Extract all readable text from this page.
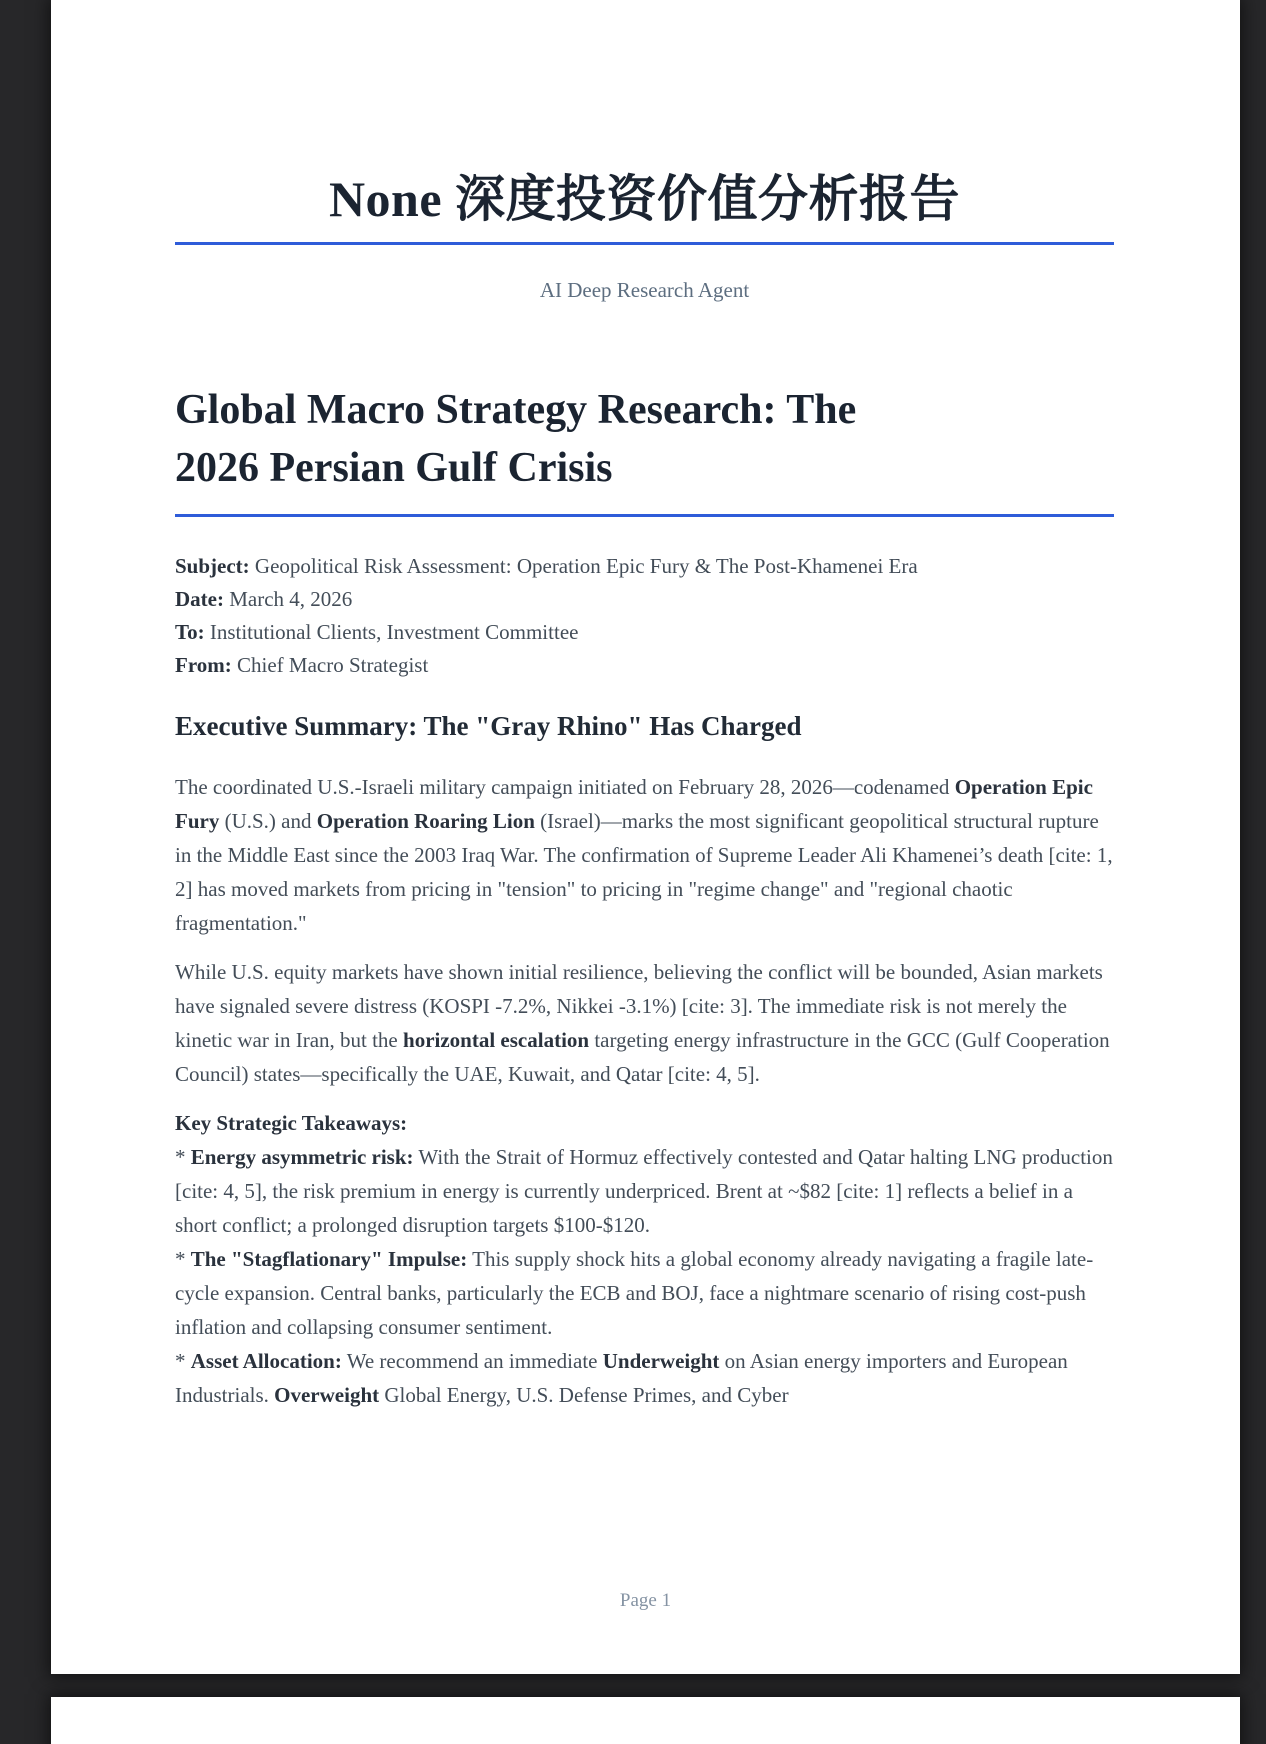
None 深度投资价值分析报告
AI Deep Research Agent
Global Macro Strategy Research: The
2026 Persian Gulf Crisis
Subject: Geopolitical Risk Assessment: Operation Epic Fury & The Post-Khamenei Era
Date: March 4, 2026
To: Institutional Clients, Investment Committee
From: Chief Macro Strategist
Executive Summary: The "Gray Rhino" Has Charged
The coordinated U.S.-Israeli military campaign initiated on February 28, 2026—codenamed Operation Epic Fury (U.S.) and Operation Roaring Lion (Israel)—marks the most significant geopolitical structural rupture in the Middle East since the 2003 Iraq War. The confirmation of Supreme Leader Ali Khamenei’s death [cite: 1, 2] has moved markets from pricing in "tension" to pricing in "regime change" and "regional chaotic fragmentation."
While U.S. equity markets have shown initial resilience, believing the conflict will be bounded, Asian markets have signaled severe distress (KOSPI -7.2%, Nikkei -3.1%) [cite: 3]. The immediate risk is not merely the kinetic war in Iran, but the horizontal escalation targeting energy infrastructure in the GCC (Gulf Cooperation Council) states—specifically the UAE, Kuwait, and Qatar [cite: 4, 5].
Key Strategic Takeaways:
* Energy asymmetric risk: With the Strait of Hormuz effectively contested and Qatar halting LNG production [cite: 4, 5], the risk premium in energy is currently underpriced. Brent at ~$82 [cite: 1] reflects a belief in a short conflict; a prolonged disruption targets $100-$120.
* The "Stagflationary" Impulse: This supply shock hits a global economy already navigating a fragile late-cycle expansion. Central banks, particularly the ECB and BOJ, face a nightmare scenario of rising cost-push inflation and collapsing consumer sentiment.
* Asset Allocation: We recommend an immediate Underweight on Asian energy importers and European Industrials. Overweight Global Energy, U.S. Defense Primes, and Cyber
Page 1
